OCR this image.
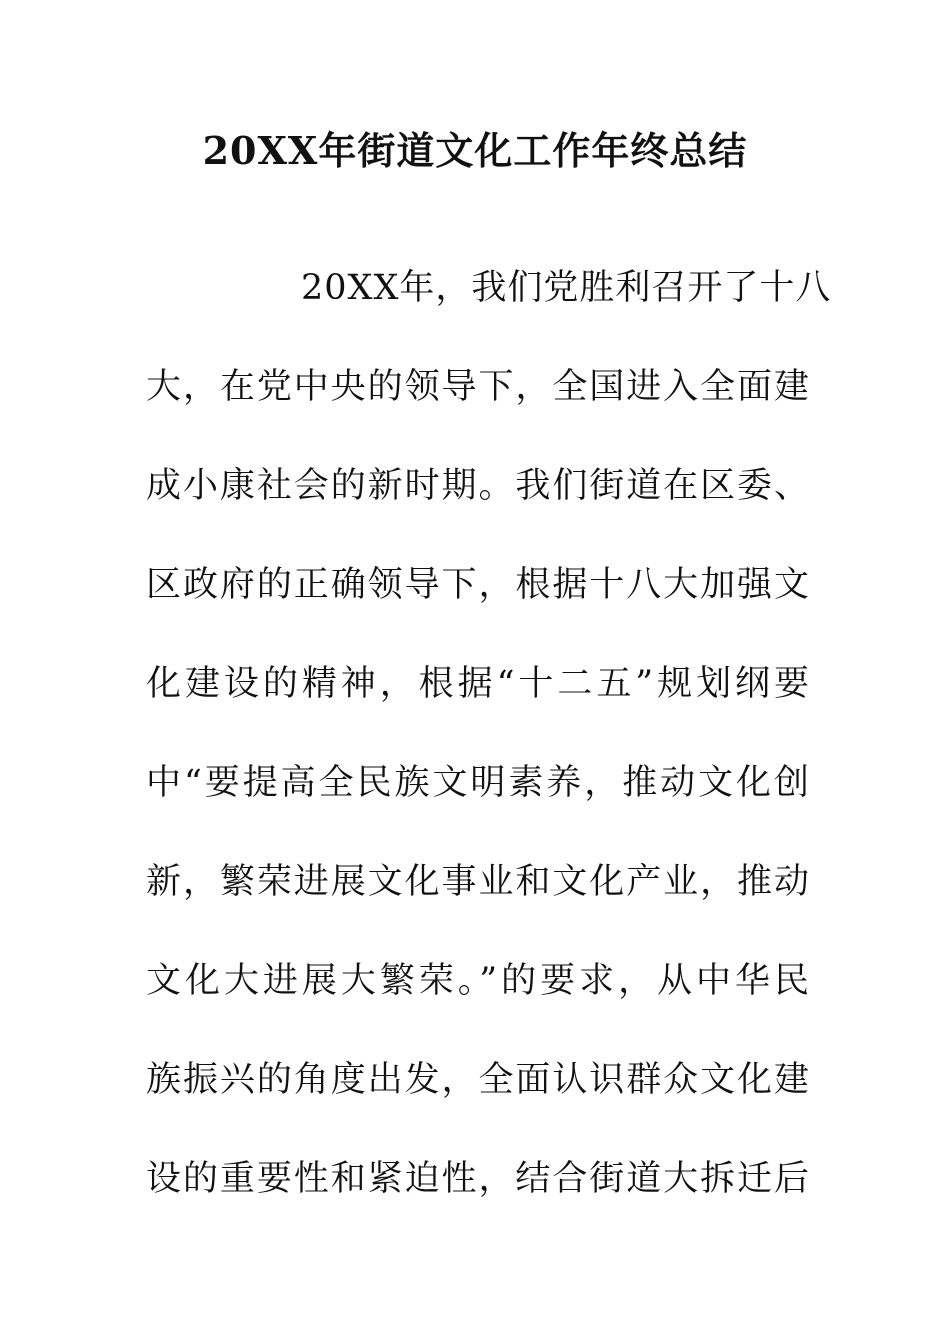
20XX年街道文化工作年终总结
20XX年，我们党胜利召开了十八
大，在党中央的领导下，全国进入全面建
成小康社会的新时期。我们街道在区委、
区政府的正确领导下，根据十八大加强文
化建设的精神，根据“十二五”规划纲要
中“要提高全民族文明素养，推动文化创
新，繁荣进展文化事业和文化产业，推动
文化大进展大繁荣。”的要求，从中华民
族振兴的角度出发，全面认识群众文化建
设的重要性和紧迫性，结合街道大拆迁后
